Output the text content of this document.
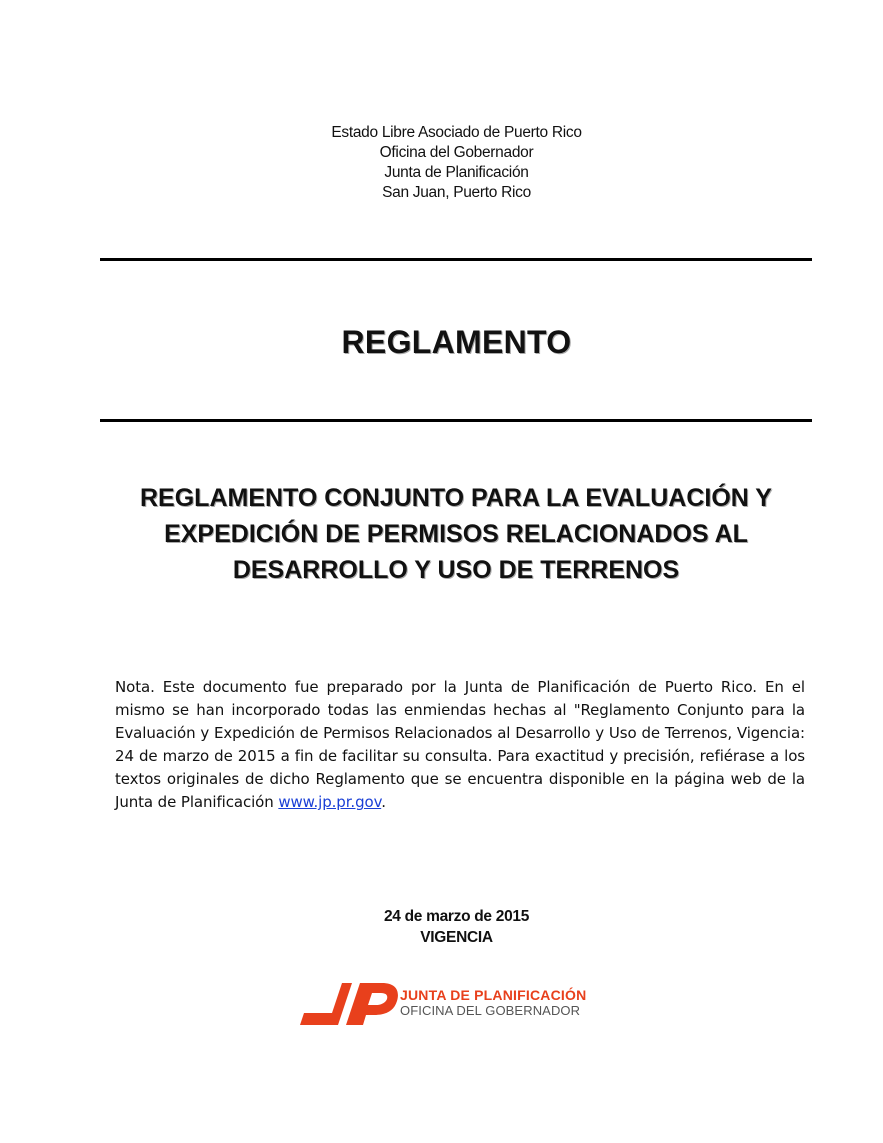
Estado Libre Asociado de Puerto Rico
Oficina del Gobernador
Junta de Planificación
San Juan, Puerto Rico
REGLAMENTO
REGLAMENTO CONJUNTO PARA LA EVALUACIÓN Y
EXPEDICIÓN DE PERMISOS RELACIONADOS AL
DESARROLLO Y USO DE TERRENOS
Nota. Este documento fue preparado por la Junta de Planificación de Puerto Rico. En el mismo se han incorporado todas las enmiendas hechas al "Reglamento Conjunto para la Evaluación y Expedición de Permisos Relacionados al Desarrollo y Uso de Terrenos, Vigencia: 24 de marzo de 2015 a fin de facilitar su consulta. Para exactitud y precisión, refiérase a los textos originales de dicho Reglamento que se encuentra disponible en la página web de la Junta de Planificación www.jp.pr.gov.
24 de marzo de 2015
VIGENCIA
JUNTA DE PLANIFICACIÓN
OFICINA DEL GOBERNADOR
